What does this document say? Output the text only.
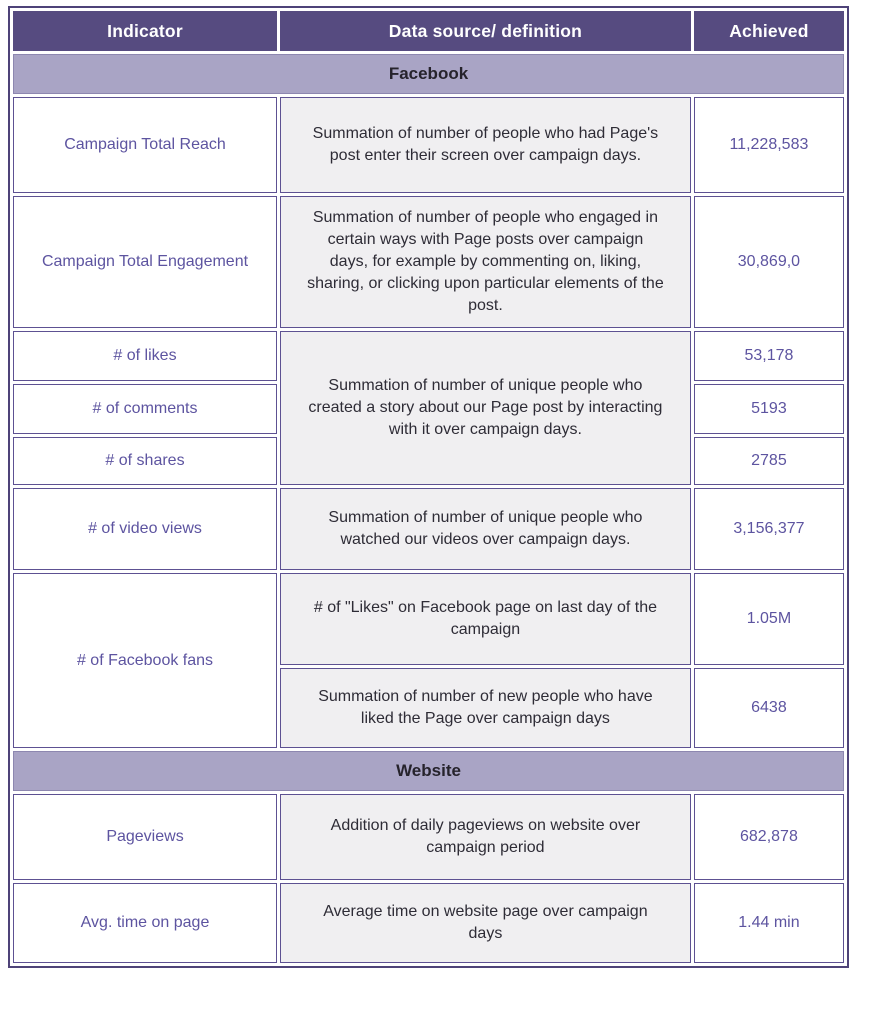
Indicator	Data source/ definition	Achieved
Facebook		
Campaign Total Reach	Summation of number of people who had Page's post enter their screen over campaign days.	11,228,583
Campaign Total Engagement	Summation of number of people who engaged in certain ways with Page posts over campaign days, for example by commenting on, liking, sharing, or clicking upon particular elements of the post.	30,869,0
# of likes	Summation of number of unique people who created a story about our Page post by interacting with it over campaign days.	53,178
# of comments		5193
# of shares		2785
# of video views	Summation of number of unique people who watched our videos over campaign days.	3,156,377
# of Facebook fans	# of "Likes" on Facebook page on last day of the campaign	1.05M
	Summation of number of new people who have liked the Page over campaign days	6438
Website		
Pageviews	Addition of daily pageviews on website over campaign period	682,878
Avg. time on page	Average time on website page over campaign days	1.44 min
